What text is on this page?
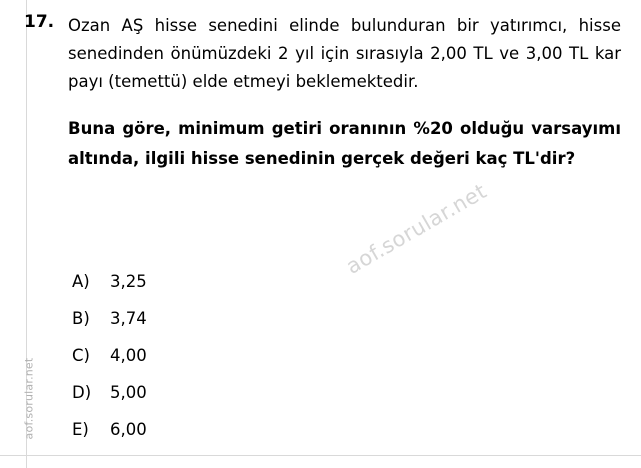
aof.sorular.net
17. Ozan AŞ hisse senedini elinde bulunduran bir yatırımcı, hisse senedinden önümüzdeki 2 yıl için sırasıyla 2,00 TL ve 3,00 TL kar payı (temettü) elde etmeyi beklemektedir.

Buna göre, minimum getiri oranının %20 olduğu varsayımı altında, ilgili hisse senedinin gerçek değeri kaç TL'dir?

A)	3,25
B)	3,74
C)	4,00
D)	5,00
E)	6,00
aof.sorular.net
